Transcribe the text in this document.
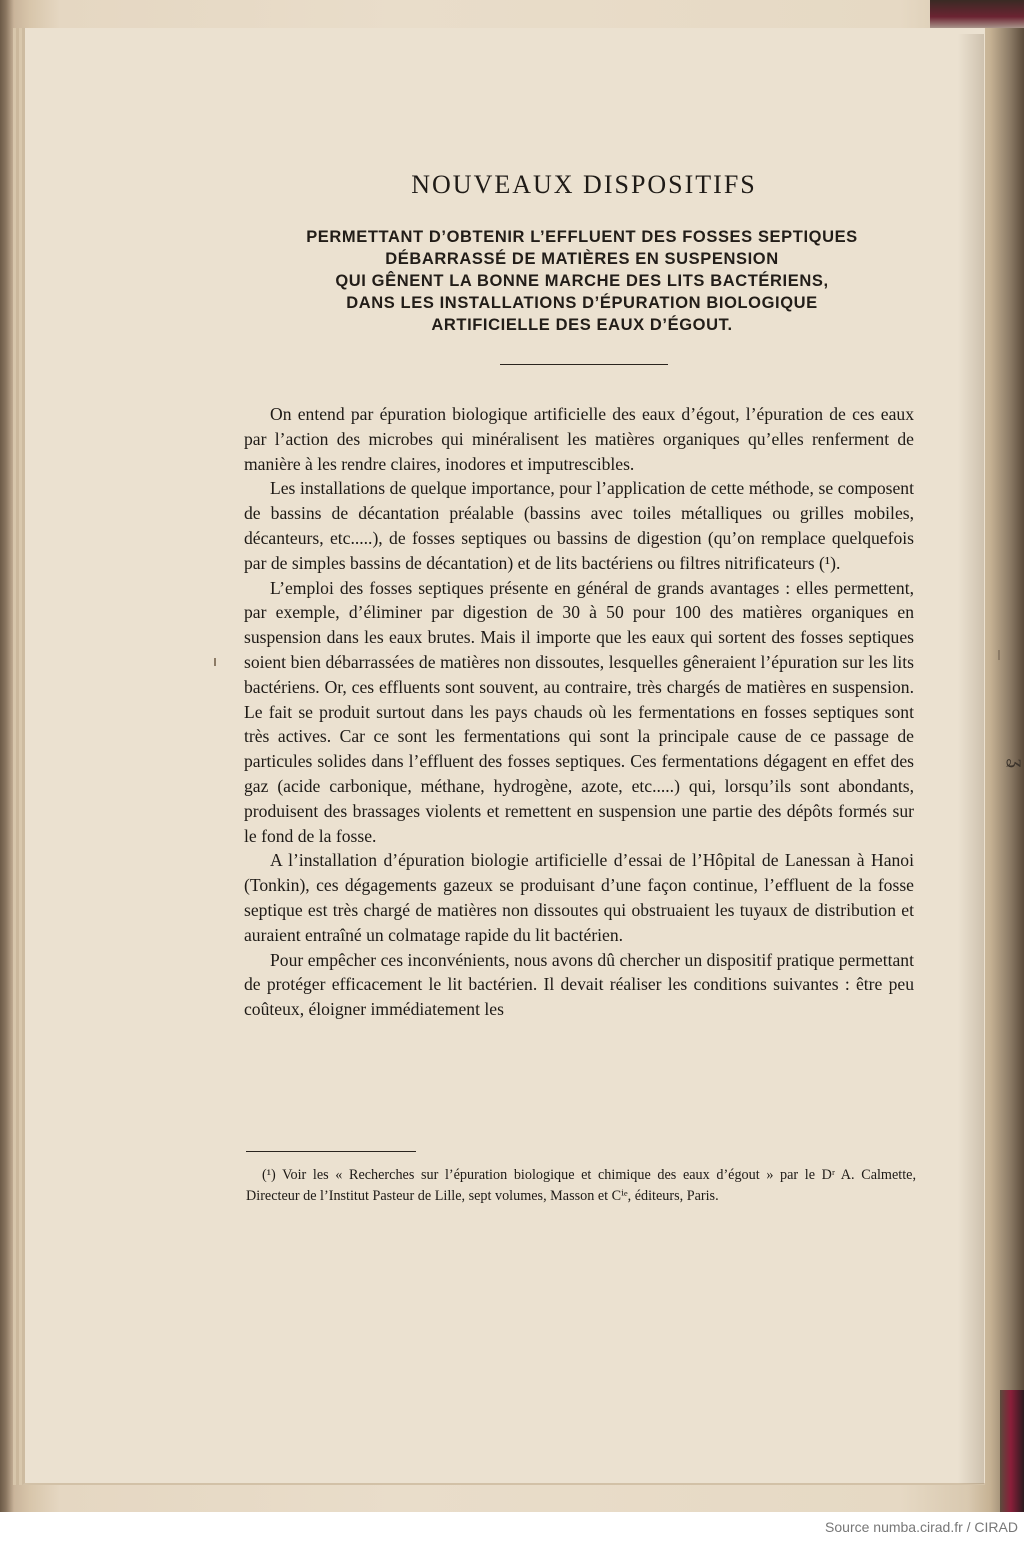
NOUVEAUX DISPOSITIFS
PERMETTANT D’OBTENIR L’EFFLUENT DES FOSSES SEPTIQUES
DÉBARRASSÉ DE MATIÈRES EN SUSPENSION
QUI GÊNENT LA BONNE MARCHE DES LITS BACTÉRIENS,
DANS LES INSTALLATIONS D’ÉPURATION BIOLOGIQUE
ARTIFICIELLE DES EAUX D’ÉGOUT.

On entend par épuration biologique artificielle des eaux d’égout, l’épuration de ces eaux par l’action des microbes qui minéralisent les matières organiques qu’elles renferment de manière à les rendre claires, inodores et imputrescibles.

Les installations de quelque importance, pour l’application de cette méthode, se composent de bassins de décantation préalable (bassins avec toiles métalliques ou grilles mobiles, décanteurs, etc.....), de fosses septiques ou bassins de digestion (qu’on remplace quelquefois par de simples bassins de décantation) et de lits bactériens ou filtres nitrificateurs (¹).

L’emploi des fosses septiques présente en général de grands avantages : elles permettent, par exemple, d’éliminer par digestion de 30 à 50 pour 100 des matières organiques en suspension dans les eaux brutes. Mais il importe que les eaux qui sortent des fosses septiques soient bien débarrassées de matières non dissoutes, lesquelles gêneraient l’épuration sur les lits bactériens. Or, ces effluents sont souvent, au contraire, très chargés de matières en suspension. Le fait se produit surtout dans les pays chauds où les fermentations en fosses septiques sont très actives. Car ce sont les fermentations qui sont la principale cause de ce passage de particules solides dans l’effluent des fosses septiques. Ces fermentations dégagent en effet des gaz (acide carbonique, méthane, hydrogène, azote, etc.....) qui, lorsqu’ils sont abondants, produisent des brassages violents et remettent en suspension une partie des dépôts formés sur le fond de la fosse.

A l’installation d’épuration biologie artificielle d’essai de l’Hôpital de Lanessan à Hanoi (Tonkin), ces dégagements gazeux se produisant d’une façon continue, l’effluent de la fosse septique est très chargé de matières non dissoutes qui obstruaient les tuyaux de distribution et auraient entraîné un colmatage rapide du lit bactérien.

Pour empêcher ces inconvénients, nous avons dû chercher un dispositif pratique permettant de protéger efficacement le lit bactérien. Il devait réaliser les conditions suivantes : être peu coûteux, éloigner immédiatement les

(¹) Voir les « Recherches sur l’épuration biologique et chimique des eaux d’égout » par le Dʳ A. Calmette, Directeur de l’Institut Pasteur de Lille, sept volumes, Masson et Cⁱᵉ, éditeurs, Paris.

ʓ
Source numba.cirad.fr / CIRAD
